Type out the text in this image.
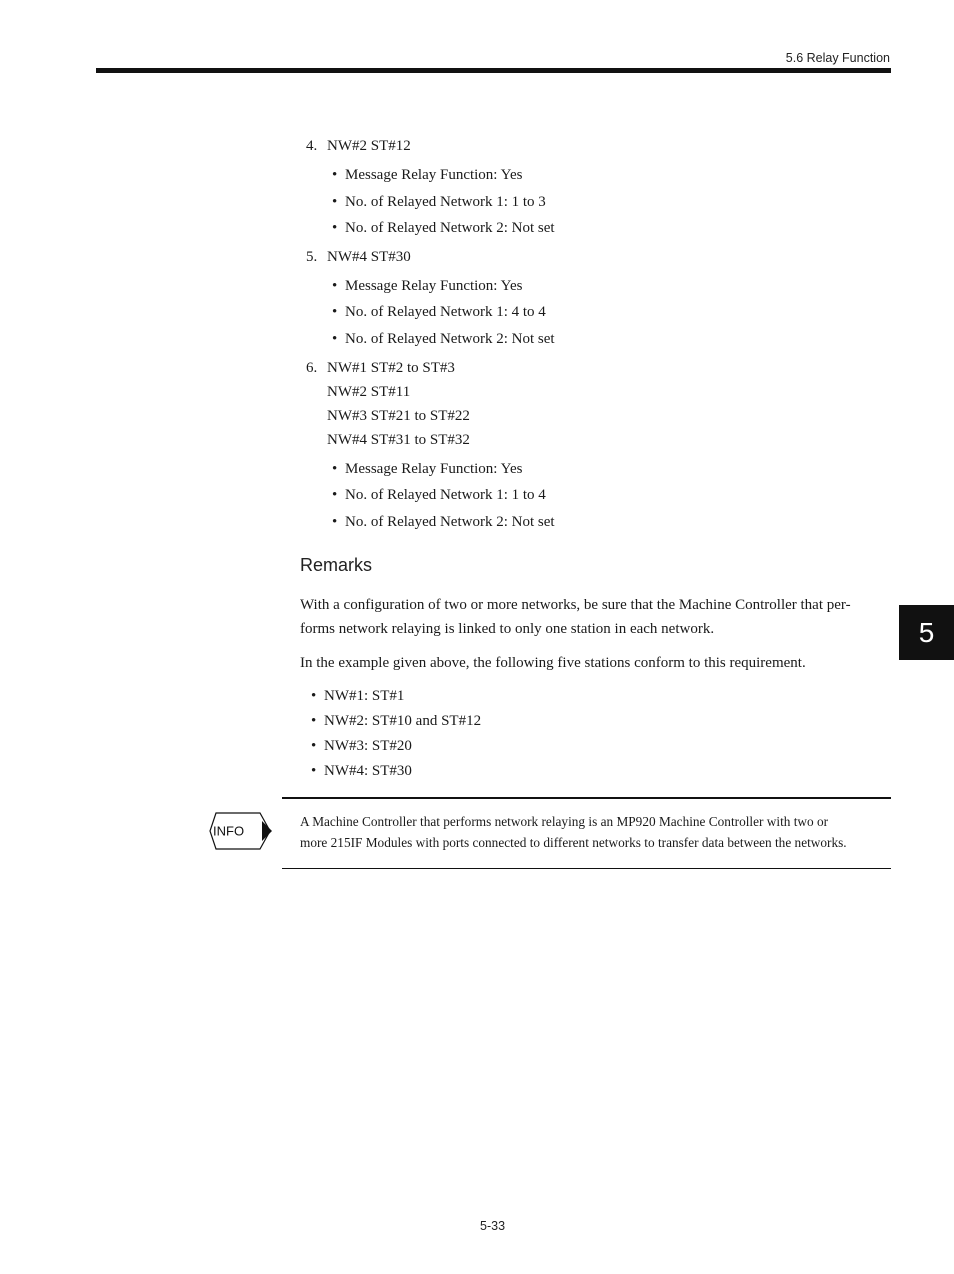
5.6 Relay Function
4. NW#2 ST#12
• Message Relay Function: Yes
• No. of Relayed Network 1: 1 to 3
• No. of Relayed Network 2: Not set
5. NW#4 ST#30
• Message Relay Function: Yes
• No. of Relayed Network 1: 4 to 4
• No. of Relayed Network 2: Not set
6. NW#1 ST#2 to ST#3
NW#2 ST#11
NW#3 ST#21 to ST#22
NW#4 ST#31 to ST#32
• Message Relay Function: Yes
• No. of Relayed Network 1: 1 to 4
• No. of Relayed Network 2: Not set
Remarks
With a configuration of two or more networks, be sure that the Machine Controller that per-
forms network relaying is linked to only one station in each network.
In the example given above, the following five stations conform to this requirement.
• NW#1: ST#1
• NW#2: ST#10 and ST#12
• NW#3: ST#20
• NW#4: ST#30
INFO
A Machine Controller that performs network relaying is an MP920 Machine Controller with two or
more 215IF Modules with ports connected to different networks to transfer data between the networks.
5
5-33
